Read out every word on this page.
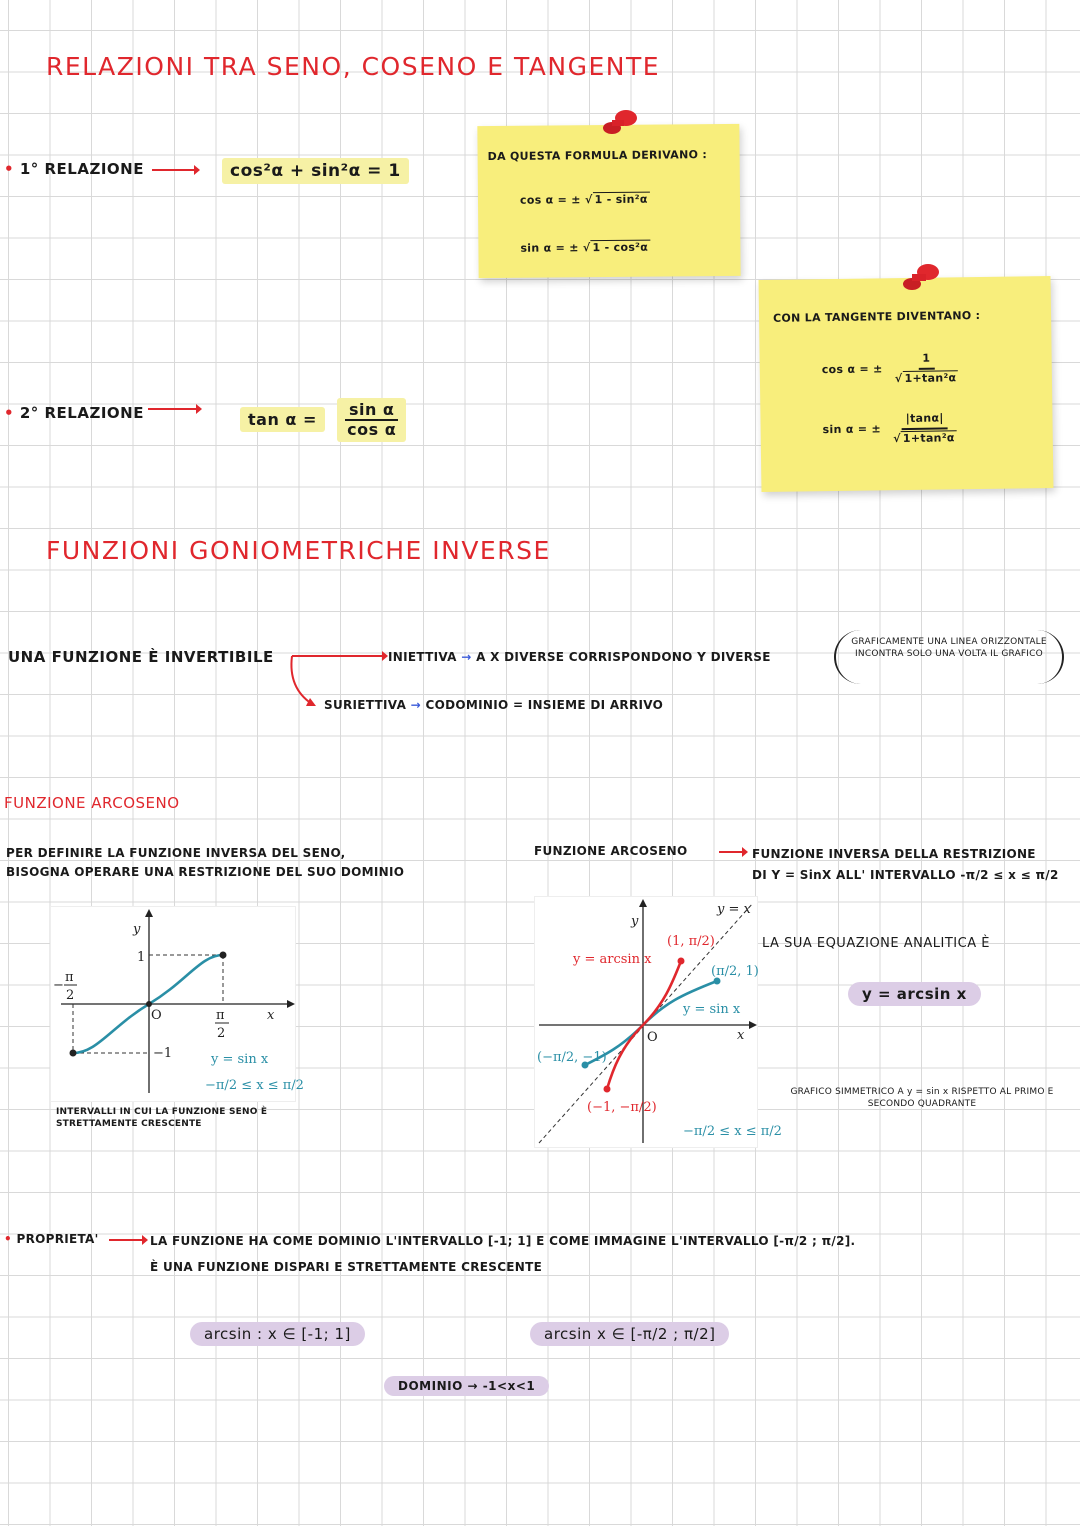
RELAZIONI TRA SENO, COSENO E TANGENTE
• 1° RELAZIONE	cos²α + sin²α = 1
DA QUESTA FORMULA DERIVANO :
cos α = ± √ 1 - sin²α
sin α = ± √ 1 - cos²α
CON LA TANGENTE DIVENTANO :
cos α = ± $\frac{1}{\text{√ 1+tan²α}}$
sin α = ± $\frac{|\tan\alpha|}{\text{√ 1+tan²α}}$
• 2° RELAZIONE	$\tan \alpha = \frac{\text{sin α}}{\text{cos α}}$
FUNZIONI GONIOMETRICHE INVERSE
UNA FUNZIONE È INVERTIBILE	INIETTIVA → A X DIVERSE CORRISPONDONO Y DIVERSE
GRAFICAMENTE UNA LINEA ORIZZONTALE INCONTRA SOLO UNA VOLTA IL GRAFICO
SURIETTIVA → CODOMINIO = INSIEME DI ARRIVO
FUNZIONE ARCOSENO
PER DEFINIRE LA FUNZIONE INVERSA DEL SENO,
BISOGNA OPERARE UNA RESTRIZIONE DEL SUO DOMINIO
FUNZIONE ARCOSENO	FUNZIONE INVERSA DELLA RESTRIZIONE
DI Y = SinX ALL' INTERVALLO -π/2 ≤ x ≤ π/2
y
x
O
1
−1
−
π
2
π
2
y = sin x
−π/2 ≤ x ≤ π/2
INTERVALLI IN CUI LA FUNZIONE SENO È STRETTAMENTE CRESCENTE
y
x
O
y = x
y = arcsin x
y = sin x
(1, π/2)
(π/2, 1)
(−π/2, −1)
(−1, −π/2)
−π/2 ≤ x ≤ π/2
LA SUA EQUAZIONE ANALITICA È
y = arcsin x
GRAFICO SIMMETRICO A y = sin x RISPETTO AL PRIMO E SECONDO QUADRANTE
• PROPRIETA'	LA FUNZIONE HA COME DOMINIO L'INTERVALLO [-1; 1] E COME IMMAGINE L'INTERVALLO [-π/2 ; π/2].
È UNA FUNZIONE DISPARI E STRETTAMENTE CRESCENTE
arcsin : x ∈ [-1; 1]	arcsin x ∈ [-π/2 ; π/2]
DOMINIO → -1<x<1
